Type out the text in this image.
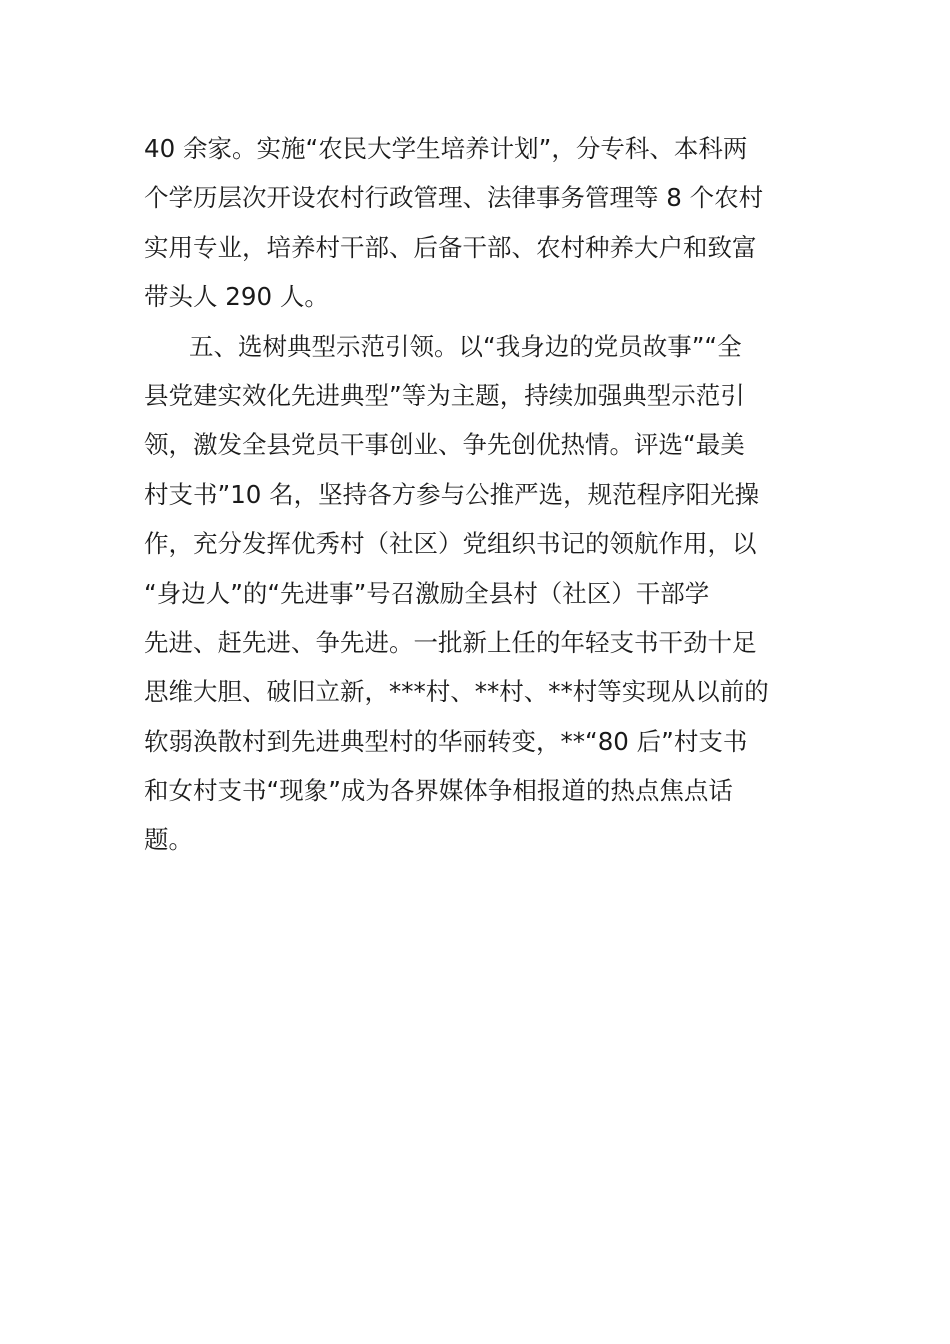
40 余家。实施“农民大学生培养计划”，分专科、本科两
个学历层次开设农村行政管理、法律事务管理等 8 个农村
实用专业，培养村干部、后备干部、农村种养大户和致富
带头人 290 人。
五、选树典型示范引领。以“我身边的党员故事”“全
县党建实效化先进典型”等为主题，持续加强典型示范引
领，激发全县党员干事创业、争先创优热情。评选“最美
村支书”10 名，坚持各方参与公推严选，规范程序阳光操
作，充分发挥优秀村（社区）党组织书记的领航作用，以
“身边人”的“先进事”号召激励全县村（社区）干部学
先进、赶先进、争先进。一批新上任的年轻支书干劲十足
思维大胆、破旧立新，***村、**村、**村等实现从以前的
软弱涣散村到先进典型村的华丽转变，**“80 后”村支书
和女村支书“现象”成为各界媒体争相报道的热点焦点话
题。
